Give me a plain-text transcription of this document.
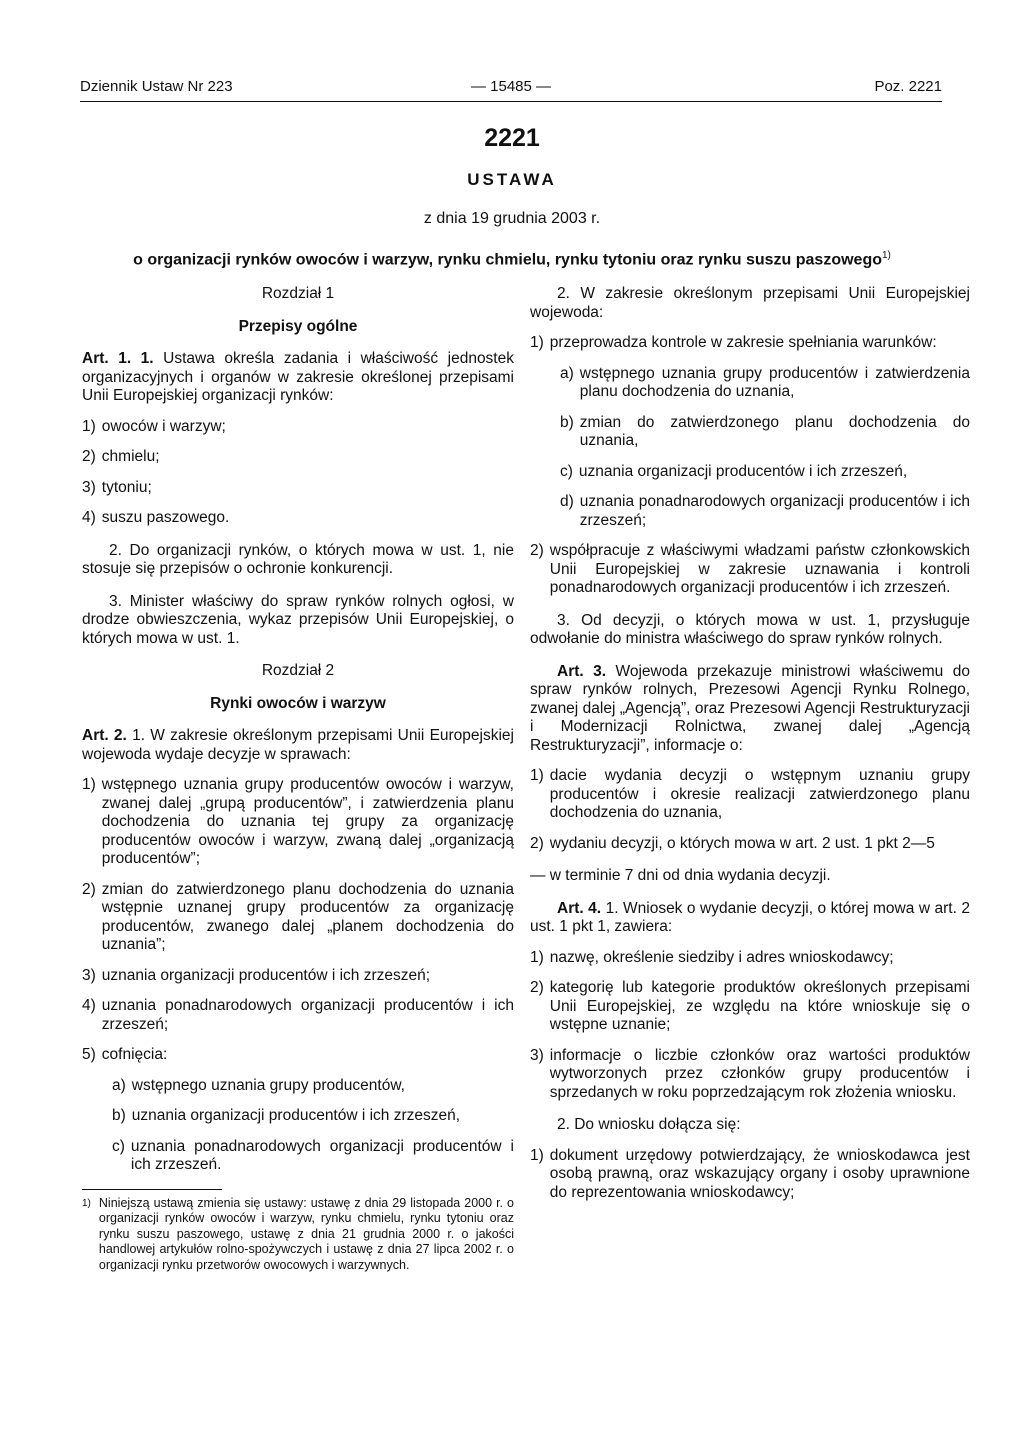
Dziennik Ustaw Nr 223	— 15485 —	Poz. 2221
2221
USTAWA
z dnia 19 grudnia 2003 r.
o organizacji rynków owoców i warzyw, rynku chmielu, rynku tytoniu oraz rynku suszu paszowego$^{1)}$

Rozdział 1

Przepisy ogólne

Art. 1. 1. Ustawa określa zadania i właściwość jednostek organizacyjnych i organów w zakresie określonej przepisami Unii Europejskiej organizacji rynków:

1) owoców i warzyw;
2) chmielu;
3) tytoniu;
4) suszu paszowego.

2. Do organizacji rynków, o których mowa w ust. 1, nie stosuje się przepisów o ochronie konkurencji.

3. Minister właściwy do spraw rynków rolnych ogłosi, w drodze obwieszczenia, wykaz przepisów Unii Europejskiej, o których mowa w ust. 1.

Rozdział 2

Rynki owoców i warzyw

Art. 2. 1. W zakresie określonym przepisami Unii Europejskiej wojewoda wydaje decyzje w sprawach:

1) wstępnego uznania grupy producentów owoców i warzyw, zwanej dalej „grupą producentów”, i zatwierdzenia planu dochodzenia do uznania tej grupy za organizację producentów owoców i warzyw, zwaną dalej „organizacją producentów”;
2) zmian do zatwierdzonego planu dochodzenia do uznania wstępnie uznanej grupy producentów za organizację producentów, zwanego dalej „planem dochodzenia do uznania”;
3) uznania organizacji producentów i ich zrzeszeń;
4) uznania ponadnarodowych organizacji producentów i ich zrzeszeń;
5) cofnięcia:
a) wstępnego uznania grupy producentów,
b) uznania organizacji producentów i ich zrzeszeń,
c) uznania ponadnarodowych organizacji producentów i ich zrzeszeń.
1) Niniejszą ustawą zmienia się ustawy: ustawę z dnia 29 listopada 2000 r. o organizacji rynków owoców i warzyw, rynku chmielu, rynku tytoniu oraz rynku suszu paszowego, ustawę z dnia 21 grudnia 2000 r. o jakości handlowej artykułów rolno-spożywczych i ustawę z dnia 27 lipca 2002 r. o organizacji rynku przetworów owocowych i warzywnych.

2. W zakresie określonym przepisami Unii Europejskiej wojewoda:

1) przeprowadza kontrole w zakresie spełniania warunków:
a) wstępnego uznania grupy producentów i zatwierdzenia planu dochodzenia do uznania,
b) zmian do zatwierdzonego planu dochodzenia do uznania,
c) uznania organizacji producentów i ich zrzeszeń,
d) uznania ponadnarodowych organizacji producentów i ich zrzeszeń;
2) współpracuje z właściwymi władzami państw członkowskich Unii Europejskiej w zakresie uznawania i kontroli ponadnarodowych organizacji producentów i ich zrzeszeń.

3. Od decyzji, o których mowa w ust. 1, przysługuje odwołanie do ministra właściwego do spraw rynków rolnych.

Art. 3. Wojewoda przekazuje ministrowi właściwemu do spraw rynków rolnych, Prezesowi Agencji Rynku Rolnego, zwanej dalej „Agencją”, oraz Prezesowi Agencji Restrukturyzacji i Modernizacji Rolnictwa, zwanej dalej „Agencją Restrukturyzacji”, informacje o:

1) dacie wydania decyzji o wstępnym uznaniu grupy producentów i okresie realizacji zatwierdzonego planu dochodzenia do uznania,
2) wydaniu decyzji, o których mowa w art. 2 ust. 1 pkt 2—5

— w terminie 7 dni od dnia wydania decyzji.

Art. 4. 1. Wniosek o wydanie decyzji, o której mowa w art. 2 ust. 1 pkt 1, zawiera:

1) nazwę, określenie siedziby i adres wnioskodawcy;
2) kategorię lub kategorie produktów określonych przepisami Unii Europejskiej, ze względu na które wnioskuje się o wstępne uznanie;
3) informacje o liczbie członków oraz wartości produktów wytworzonych przez członków grupy producentów i sprzedanych w roku poprzedzającym rok złożenia wniosku.

2. Do wniosku dołącza się:

1) dokument urzędowy potwierdzający, że wnioskodawca jest osobą prawną, oraz wskazujący organy i osoby uprawnione do reprezentowania wnioskodawcy;
